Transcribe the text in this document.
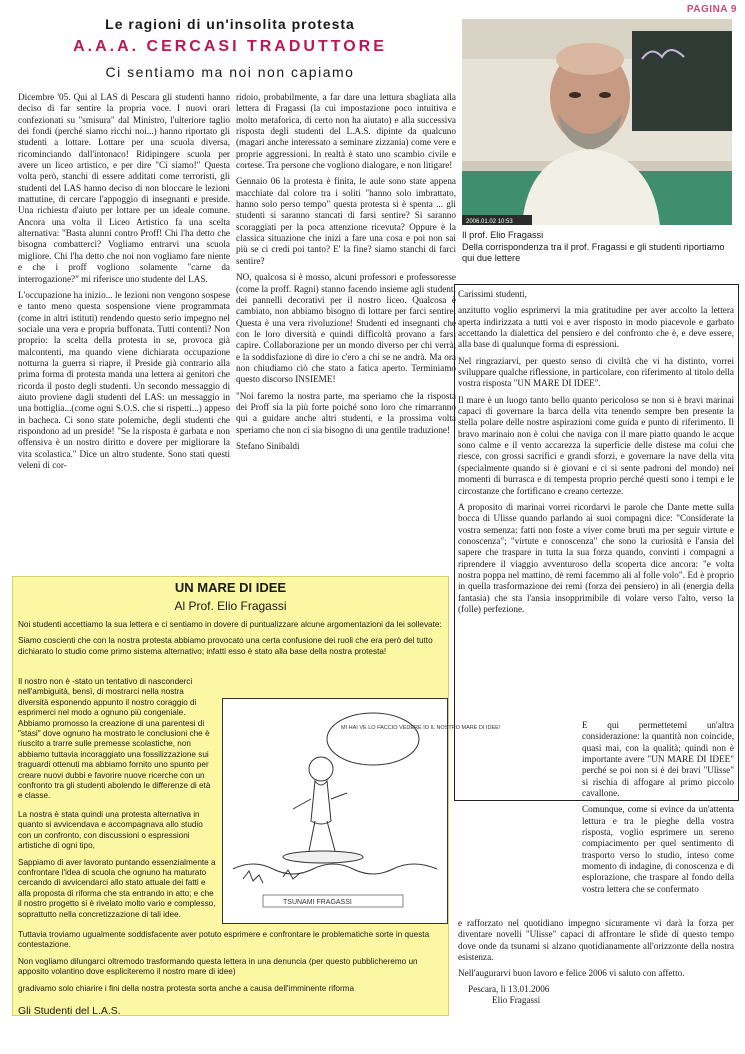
PAGINA 9
Le ragioni di un'insolita protesta
A.A.A. CERCASI TRADUTTORE
Ci sentiamo ma noi non capiamo

Dicembre '05. Qui al LAS di Pescara gli studenti hanno deciso di far sentire la propria voce. I nuovi orari confezionati su "smisura" dal Ministro, l'ulteriore taglio dei fondi (perché siamo ricchi noi...) hanno riportato gli studenti a lottare. Lottare per una scuola diversa, ricominciando dall'intonaco! Ridipingere scuola per avere un liceo artistico, e per dire "Ci siamo!" Questa volta però, stanchi di essere additati come terroristi, gli studenti del LAS hanno deciso di non bloccare le lezioni mattutine, di cercare l'appoggio di insegnanti e preside. Una richiesta d'aiuto per lottare per un ideale comune. Ancora una volta il Liceo Artistico fa una scelta alternativa: "Basta alunni contro Proff! Chi l'ha detto che bisogna combatterci? Vogliamo entrarvi una scuola migliore. Chi l'ha detto che noi non vogliamo fare niente e che i proff vogliono solamente "carne da interrogazione?" mi riferisce uno studente del LAS.

L'occupazione ha inizio... le lezioni non vengono sospese e tanto meno questa sospensione viene programmata (come in altri istituti) rendendo questo serio impegno nel sociale una vera e propria buffonata. Tutti contenti? Non proprio: la scelta della protesta in se, provoca già malcontenti, ma quando viene dichiarata occupazione notturna la guerra si riapre, il Preside già contrario alla prima forma di protesta manda una lettera ai genitori che ricorda il posto degli studenti. Un secondo messaggio di aiuto proviene dagli studenti del LAS: un messaggio in una bottiglia...(come ogni S.O.S. che si rispetti...) appeso in bacheca. Ci sono state polemiche, degli studenti che rispondono ad un preside! "Se la risposta è garbata e non offensiva è un nostro diritto e dovere per migliorare la vita scolastica." Dice un altro studente. Sono stati questi veleni di cor-

ridoio, probabilmente, a far dare una lettura sbagliata alla lettera di Fragassi (la cui impostazione poco intuitiva e molto metaforica, di certo non ha aiutato) e alla successiva risposta degli studenti del L.A.S. dipinte da qualcuno (magari anche interessato a seminare zizzania) come vere e proprie aggressioni. In realtà è stato uno scambio civile e cortese. Tra persone che vogliono dialogare, e non litigare!

Gennaio 06 la protesta è finita, le aule sono state appena macchiate dal colore tra i soliti "hanno solo imbrattato, hanno solo perso tempo" questa protesta si è spenta ... gli studenti si saranno stancati di farsi sentire? Si saranno scoraggiati per la poca attenzione ricevuta? Oppure è la classica situazione che inizi a fare una cosa e poi non sai più se ci credi poi tanto? E' la fine? siamo stanchi di farci sentire?

NO, qualcosa si è mosso, alcuni professori e professoresse (come la proff. Ragni) stanno facendo insieme agli studenti dei pannelli decorativi per il nostro liceo. Qualcosa è cambiato, non abbiamo bisogno di lottare per farci sentire. Questa è una vera rivoluzione! Studenti ed insegnanti che con le loro diversità e quindi difficoltà provano a farsi capire. Collaborazione per un mondo diverso per chi verrà, e la soddisfazione di dire io c'ero a chi se ne andrà. Ma ora non chiudiamo ciò che stato a fatica aperto. Terminiamo questo discorso INSIEME!

"Noi faremo la nostra parte, ma speriamo che la risposta dei Proff sia la più forte poiché sono loro che rimarranno qui a guidare anche altri studenti, e la prossima volta speriamo che non ci sia bisogno di una gentile traduzione!

Stefano Sinibaldi

2006.01.02 10:53
Il prof. Elio Fragassi
Della corrispondenza tra il prof. Fragassi e gli studenti riportiamo qui due lettere

Carissimi studenti,

anzitutto voglio esprimervi la mia gratitudine per aver accolto la lettera aperta indirizzata a tutti voi e aver risposto in modo piacevole e garbato accettando la dialettica del pensiero e del confronto che è, e deve essere, alla base di qualunque forma di espressioni.

Nel ringraziarvi, per questo senso di civiltà che vi ha distinto, vorrei sviluppare qualche riflessione, in particolare, con riferimento al titolo della vostra risposta "UN MARE DI IDEE".

Il mare è un luogo tanto bello quanto pericoloso se non si è bravi marinai capaci di governare la barca della vita tenendo sempre ben presente la stella polare delle nostre aspirazioni come guida e punto di riferimento. Il bravo marinaio non è colui che naviga con il mare piatto quando le acque sono calme e il vento accarezza la superficie delle distese ma colui che riesce, con grossi sacrifici e grandi sforzi, e governare la nave della vita (specialmente quando si è giovani e ci si sente padroni del mondo) nei momenti di burrasca e di tempesta proprio perché questi sono i tempi e le circostanze che fortificano e creano certezze.

A proposito di marinai vorrei ricordarvi le parole che Dante mette sulla bocca di Ulisse quando parlando ai suoi compagni dice: "Considerate la vostra semenza: fatti non foste a viver come bruti ma per seguir virtute e conoscenza"; "virtute e conoscenza" che sono la curiosità e l'ansia del sapere che traspare in tutta la sua forza quando, convinti i compagni a riprendere il viaggio avventuroso della scoperta dice ancora: "e volta nostra poppa nel mattino, dè remi facemmo ali al folle volo". Ed è proprio in quella trasformazione dei remi (forza dei pensiero) in ali (energia della fantasia) che sta l'ansia insopprimibile di volare verso l'alto, verso la (folle) perfezione.

E qui permettetemi un'altra considerazione: la quantità non coincide, quasi mai, con la qualità; quindi non è importante avere "UN MARE DI IDEE" perché se poi non si è dei bravi "Ulisse" si rischia di affogare al primo piccolo cavallone.

Comunque, come si evince da un'attenta lettura e tra le pieghe della vostra risposta, voglio esprimere un sereno compiacimento per quel sentimento di trasporto verso lo studio, inteso come momento di indagine, di conoscenza e di esplorazione, che traspare al fondo della vostra lettera che se confermato

e rafforzato nel quotidiano impegno sicuramente vi darà la forza per diventare novelli "Ulisse" capaci di affrontare le sfide di questo tempo dove onde da tsunami si alzano quotidianamente all'orizzonte della nostra esistenza.

Nell'augurarvi buon lavoro e felice 2006 vi saluto con affetto.

Pescara, lì 13.01.2006
Elio Fragassi
UN MARE DI IDEE
Al Prof. Elio Fragassi

Noi studenti accettiamo la sua lettera e ci sentiamo in dovere di puntualizzare alcune argomentazioni da lei sollevate:

Siamo coscienti che con la nostra protesta abbiamo provocato una certa confusione dei ruoli che era però del tutto dichiarato lo studio come primo sistema alternativo; infatti esso è stato alla base della nostra protesta!

Il nostro non è -stato un tentativo di nasconderci nell'ambiguità, bensì, di mostrarci nella nostra diversità esponendo appunto il nostro coraggio di esprimerci nel modo a ognuno più congeniale. Abbiamo promosso la creazione di una parentesi di "stasi" dove ognuno ha mostrato le conclusioni che è riuscito a trarre sulle premesse scolastiche, non abbiamo tuttavia incoraggiato una fossilizzazione sui traguardi ottenuti ma abbiamo fornito uno spunto per creare nuovi dubbi e favorire nuove ricerche con un confronto tra gli studenti abolendo le differenze di età e classe.

La nostra è stata quindi una protesta alternativa in quanto si avvicendava e accompagnava allo studio con un confronto, con discussioni o espressioni artistiche di ogni tipo,

Sappiamo di aver lavorato puntando essenzialmente a confrontare l'idea di scuola che ognuno ha maturato cercando di avvicendarci allo stato attuale dei fatti e alla proposta di riforma che sta entrando in atto; e che il nostro progetto si è rivelato molto vario e complesso, soprattutto nella concretizzazione di tali idee.

MI HAI VE LO FACCIO VEDERE IO IL NOSTRO MARE DI IDEE!
TSUNAMI FRAGASSI

Tuttavia troviamo ugualmente soddisfacente aver potuto esprimere e confrontare le problematiche sorte in questa contestazione.

Non vogliamo dilungarci oltremodo trasformando questa lettera in una denuncia (per questo pubblicheremo un apposito volantino dove espliciteremo il nostro mare di idee)

gradivamo solo chiarire i fini della nostra protesta sorta anche a causa dell'imminente riforma

Gli Studenti del L.A.S.
